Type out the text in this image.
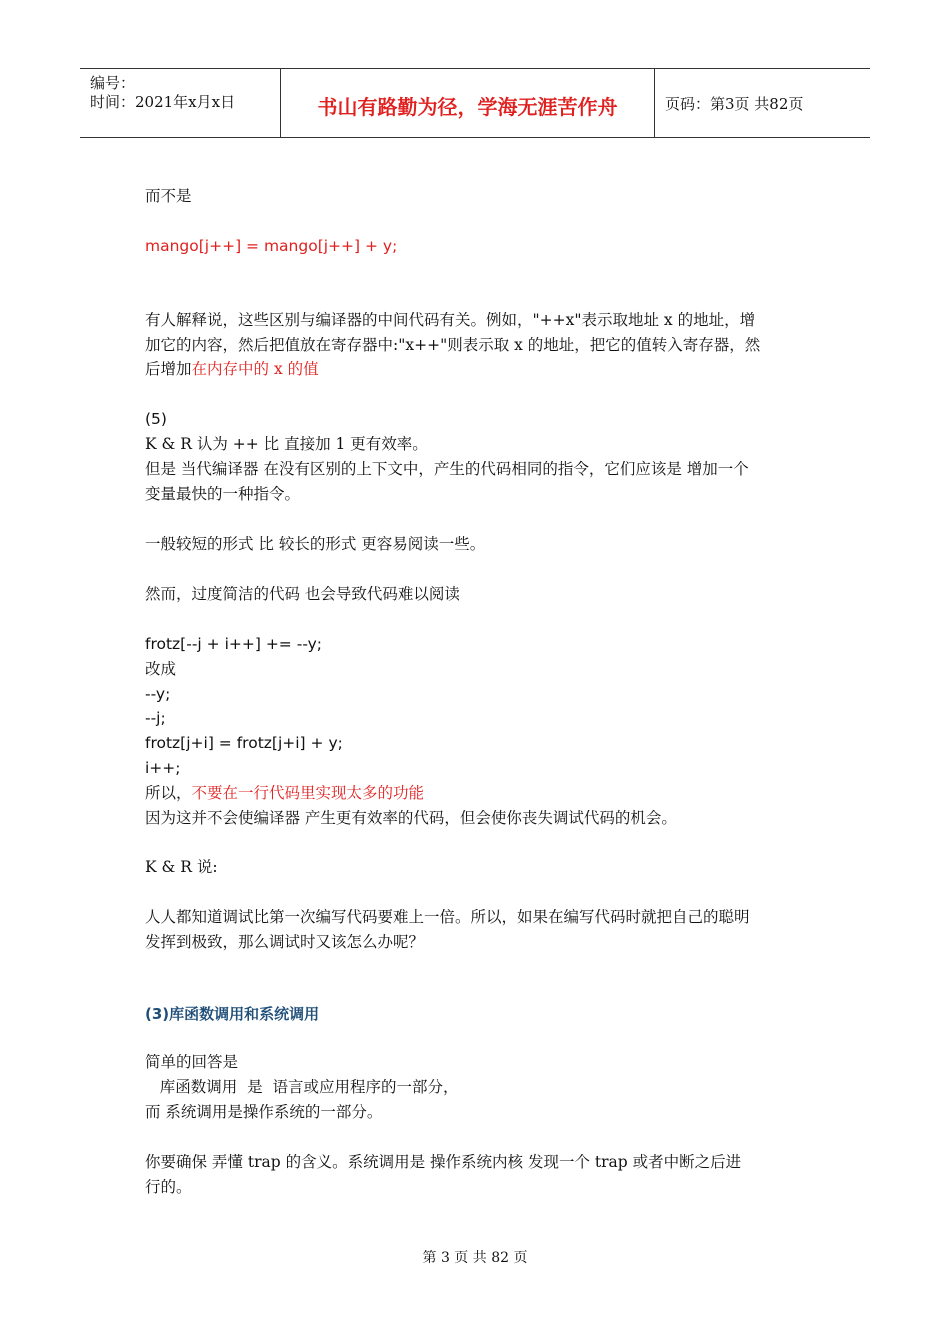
编号：
时间：2021年x月x日	书山有路勤为径，学海无涯苦作舟	页码：第3页 共82页
而不是
mango[j++] = mango[j++] + y;
有人解释说，这些区别与编译器的中间代码有关。例如，"++x"表示取地址 x 的地址，增
加它的内容，然后把值放在寄存器中:"x++"则表示取 x 的地址，把它的值转入寄存器，然
后增加在内存中的 x 的值
(5)
K & R 认为 ++ 比 直接加 1 更有效率。
但是 当代编译器 在没有区别的上下文中，产生的代码相同的指令，它们应该是 增加一个
变量最快的一种指令。
一般较短的形式 比 较长的形式 更容易阅读一些。
然而，过度简洁的代码 也会导致代码难以阅读
frotz[--j + i++] += --y;
改成
--y;
--j;
frotz[j+i] = frotz[j+i] + y;
i++;
所以，不要在一行代码里实现太多的功能
因为这并不会使编译器 产生更有效率的代码，但会使你丧失调试代码的机会。
K & R 说:
人人都知道调试比第一次编写代码要难上一倍。所以，如果在编写代码时就把自己的聪明
发挥到极致，那么调试时又该怎么办呢？
(3)库函数调用和系统调用
简单的回答是
库函数调用  是  语言或应用程序的一部分，
而 系统调用是操作系统的一部分。
你要确保 弄懂 trap 的含义。系统调用是 操作系统内核 发现一个 trap 或者中断之后进
行的。
第 3 页 共 82 页
